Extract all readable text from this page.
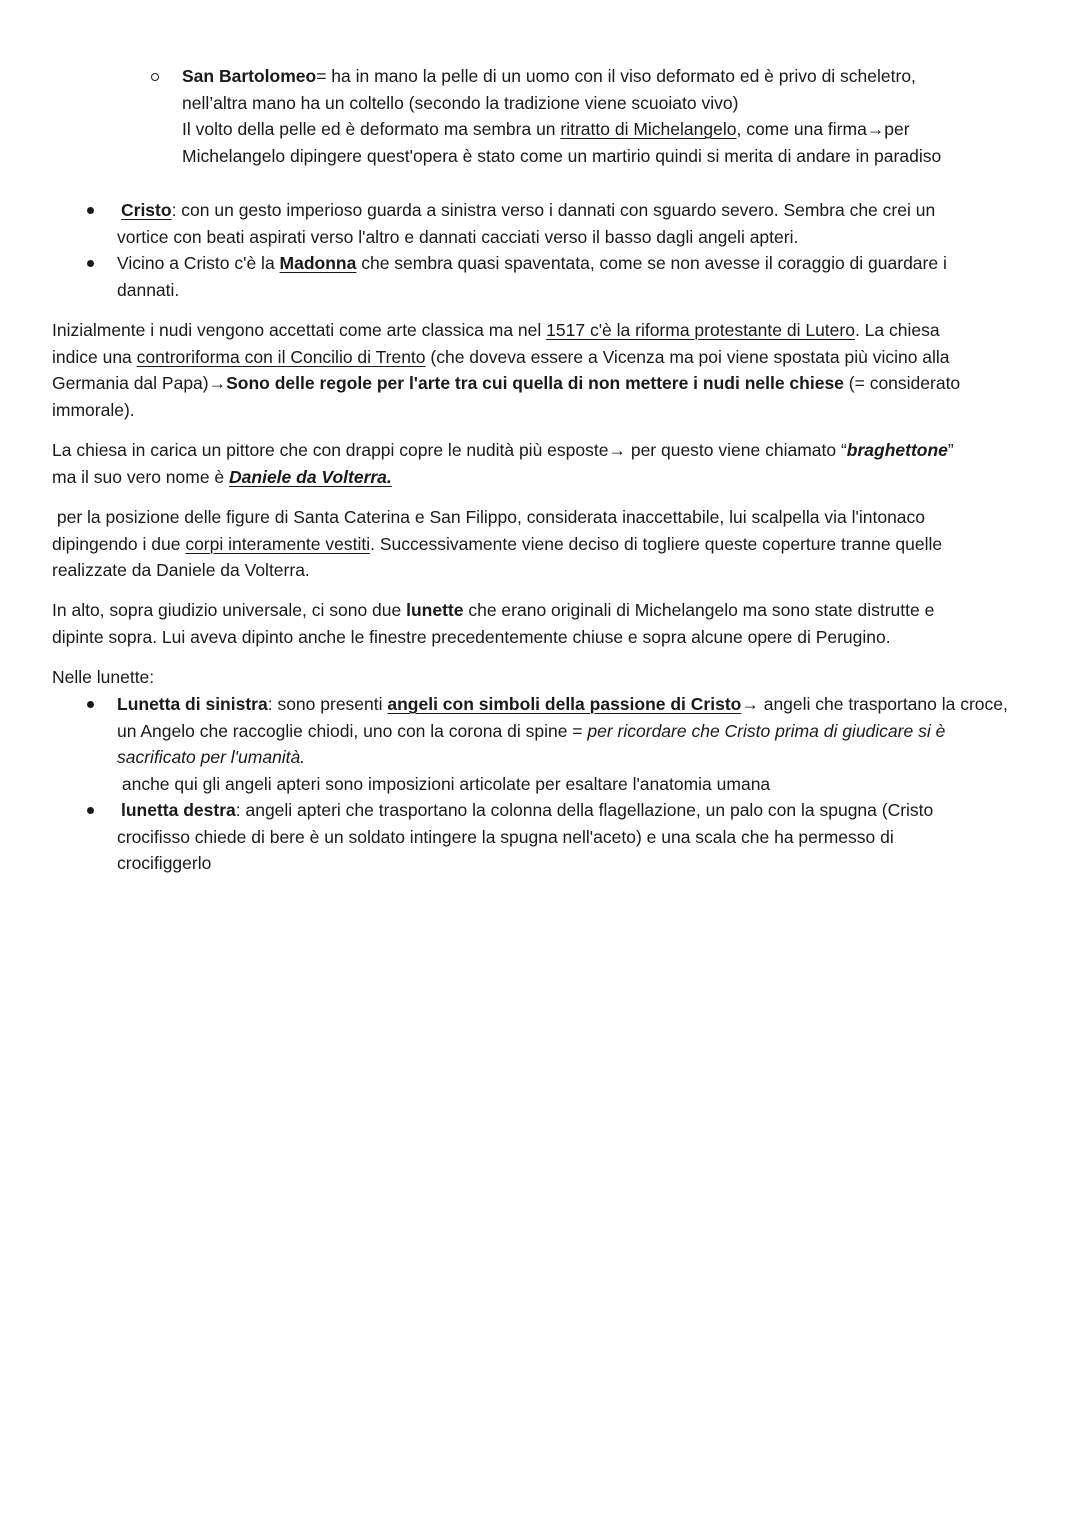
San Bartolomeo= ha in mano la pelle di un uomo con il viso deformato ed è privo di scheletro,

nell’altra mano ha un coltello (secondo la tradizione viene scuoiato vivo)

Il volto della pelle ed è deformato ma sembra un ritratto di Michelangelo, come una firma→per

Michelangelo dipingere quest'opera è stato come un martirio quindi si merita di andare in paradiso

Cristo: con un gesto imperioso guarda a sinistra verso i dannati con sguardo severo. Sembra che crei un

vortice con beati aspirati verso l'altro e dannati cacciati verso il basso dagli angeli apteri.

Vicino a Cristo c'è la Madonna che sembra quasi spaventata, come se non avesse il coraggio di guardare i

dannati.

Inizialmente i nudi vengono accettati come arte classica ma nel 1517 c'è la riforma protestante di Lutero. La chiesa

indice una controriforma con il Concilio di Trento (che doveva essere a Vicenza ma poi viene spostata più vicino alla

Germania dal Papa)→Sono delle regole per l'arte tra cui quella di non mettere i nudi nelle chiese (= considerato

immorale).

La chiesa in carica un pittore che con drappi copre le nudità più esposte→ per questo viene chiamato “braghettone”

ma il suo vero nome è Daniele da Volterra.

per la posizione delle figure di Santa Caterina e San Filippo, considerata inaccettabile, lui scalpella via l'intonaco

dipingendo i due corpi interamente vestiti. Successivamente viene deciso di togliere queste coperture tranne quelle

realizzate da Daniele da Volterra.

In alto, sopra giudizio universale, ci sono due lunette che erano originali di Michelangelo ma sono state distrutte e

dipinte sopra. Lui aveva dipinto anche le finestre precedentemente chiuse e sopra alcune opere di Perugino.

Nelle lunette:

Lunetta di sinistra: sono presenti angeli con simboli della passione di Cristo→ angeli che trasportano la croce,

un Angelo che raccoglie chiodi, uno con la corona di spine = per ricordare che Cristo prima di giudicare si è

sacrificato per l'umanità.

anche qui gli angeli apteri sono imposizioni articolate per esaltare l'anatomia umana

lunetta destra: angeli apteri che trasportano la colonna della flagellazione, un palo con la spugna (Cristo

crocifisso chiede di bere è un soldato intingere la spugna nell'aceto) e una scala che ha permesso di

crocifiggerlo
